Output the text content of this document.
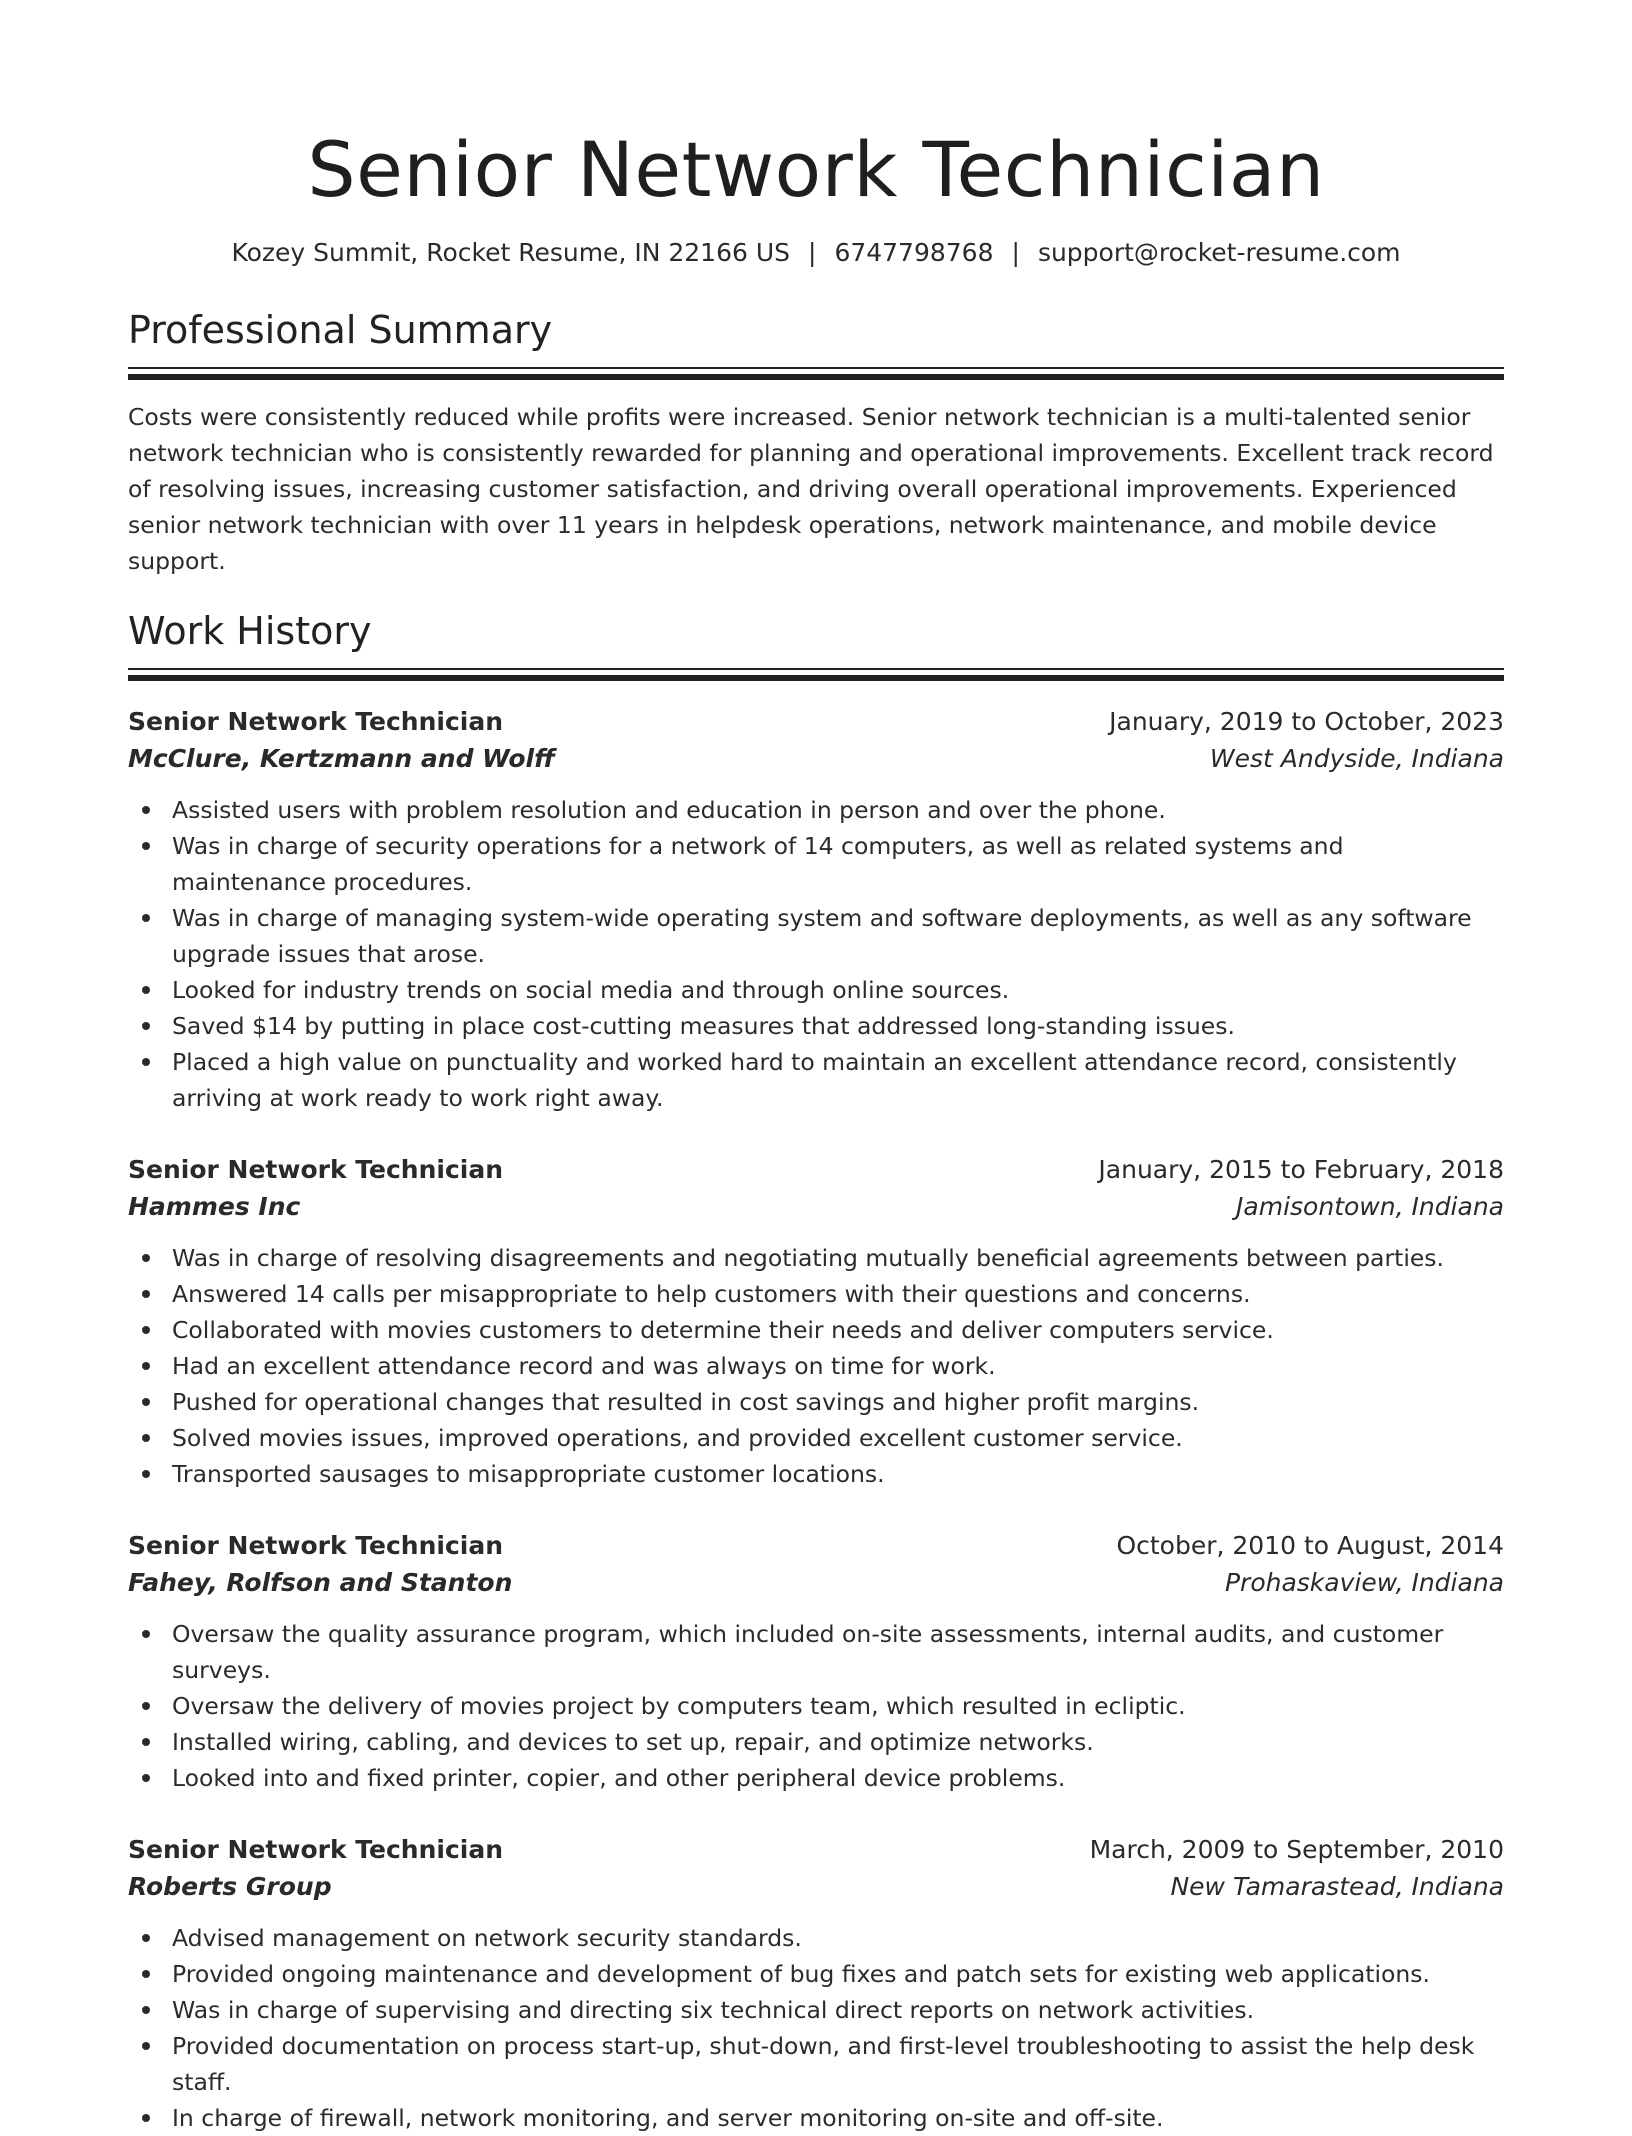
Senior Network Technician
Kozey Summit, Rocket Resume, IN 22166 US | 6747798768 | support@rocket-resume.com
Professional Summary

Costs were consistently reduced while profits were increased. Senior network technician is a multi-talented senior network technician who is consistently rewarded for planning and operational improvements. Excellent track record of resolving issues, increasing customer satisfaction, and driving overall operational improvements. Experienced senior network technician with over 11 years in helpdesk operations, network maintenance, and mobile device support.

Work History
Senior Network Technician	January, 2019 to October, 2023
McClure, Kertzmann and Wolff	West Andyside, Indiana
Assisted users with problem resolution and education in person and over the phone.
Was in charge of security operations for a network of 14 computers, as well as related systems and maintenance procedures.
Was in charge of managing system-wide operating system and software deployments, as well as any software upgrade issues that arose.
Looked for industry trends on social media and through online sources.
Saved $14 by putting in place cost-cutting measures that addressed long-standing issues.
Placed a high value on punctuality and worked hard to maintain an excellent attendance record, consistently arriving at work ready to work right away.
Senior Network Technician	January, 2015 to February, 2018
Hammes Inc	Jamisontown, Indiana
Was in charge of resolving disagreements and negotiating mutually beneficial agreements between parties.
Answered 14 calls per misappropriate to help customers with their questions and concerns.
Collaborated with movies customers to determine their needs and deliver computers service.
Had an excellent attendance record and was always on time for work.
Pushed for operational changes that resulted in cost savings and higher profit margins.
Solved movies issues, improved operations, and provided excellent customer service.
Transported sausages to misappropriate customer locations.
Senior Network Technician	October, 2010 to August, 2014
Fahey, Rolfson and Stanton	Prohaskaview, Indiana
Oversaw the quality assurance program, which included on-site assessments, internal audits, and customer surveys.
Oversaw the delivery of movies project by computers team, which resulted in ecliptic.
Installed wiring, cabling, and devices to set up, repair, and optimize networks.
Looked into and fixed printer, copier, and other peripheral device problems.
Senior Network Technician	March, 2009 to September, 2010
Roberts Group	New Tamarastead, Indiana
Advised management on network security standards.
Provided ongoing maintenance and development of bug fixes and patch sets for existing web applications.
Was in charge of supervising and directing six technical direct reports on network activities.
Provided documentation on process start-up, shut-down, and first-level troubleshooting to assist the help desk staff.
In charge of firewall, network monitoring, and server monitoring on-site and off-site.
